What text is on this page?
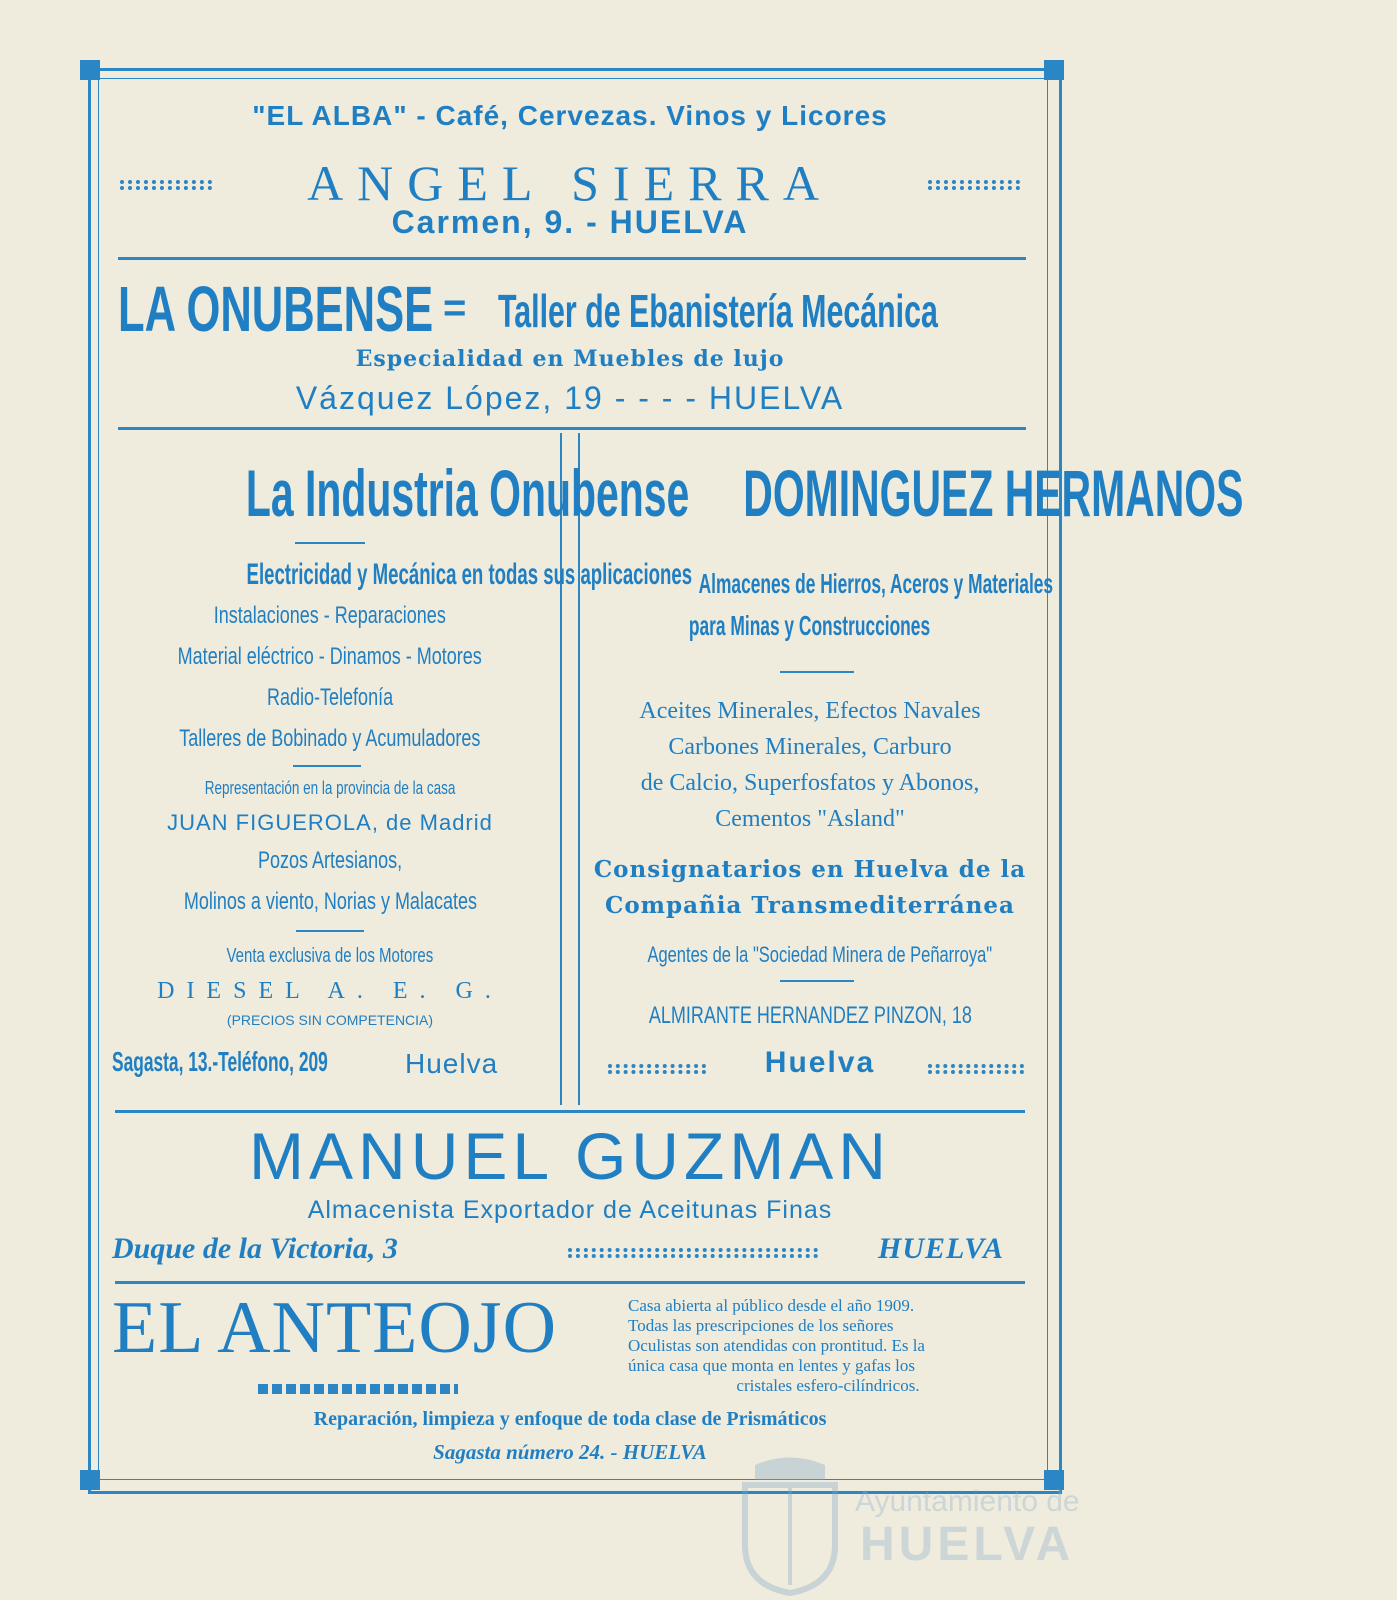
"EL ALBA" - Café, Cervezas. Vinos y Licores
ANGEL SIERRA
Carmen, 9. - HUELVA
LA ONUBENSE = Taller de Ebanistería Mecánica
Especialidad en Muebles de lujo
Vázquez López, 19 - - - - HUELVA
La Industria Onubense
Electricidad y Mecánica en todas sus aplicaciones
Instalaciones - Reparaciones
Material eléctrico - Dinamos - Motores
Radio-Telefonía
Talleres de Bobinado y Acumuladores
Representación en la provincia de la casa
JUAN FIGUEROLA, de Madrid
Pozos Artesianos,
Molinos a viento, Norias y Malacates
Venta exclusiva de los Motores
DIESEL A. E. G.
(PRECIOS SIN COMPETENCIA)
Sagasta, 13.-Teléfono, 209	Huelva
DOMINGUEZ HERMANOS
Almacenes de Hierros, Aceros y Materiales
para Minas y Construcciones
Aceites Minerales, Efectos Navales
Carbones Minerales, Carburo
de Calcio, Superfosfatos y Abonos,
Cementos "Asland"
Consignatarios en Huelva de la
Compañia Transmediterránea
Agentes de la "Sociedad Minera de Peñarroya"
ALMIRANTE HERNANDEZ PINZON, 18
Huelva
MANUEL GUZMAN
Almacenista Exportador de Aceitunas Finas
Duque de la Victoria, 3	HUELVA
EL ANTEOJO	Casa abierta al público desde el año 1909.
Todas las prescripciones de los señores
Oculistas son atendidas con prontitud. Es la
única casa que monta en lentes y gafas los
cristales esfero-cilíndricos.
Reparación, limpieza y enfoque de toda clase de Prismáticos
Sagasta número 24. - HUELVA
Ayuntamiento de
HUELVA
